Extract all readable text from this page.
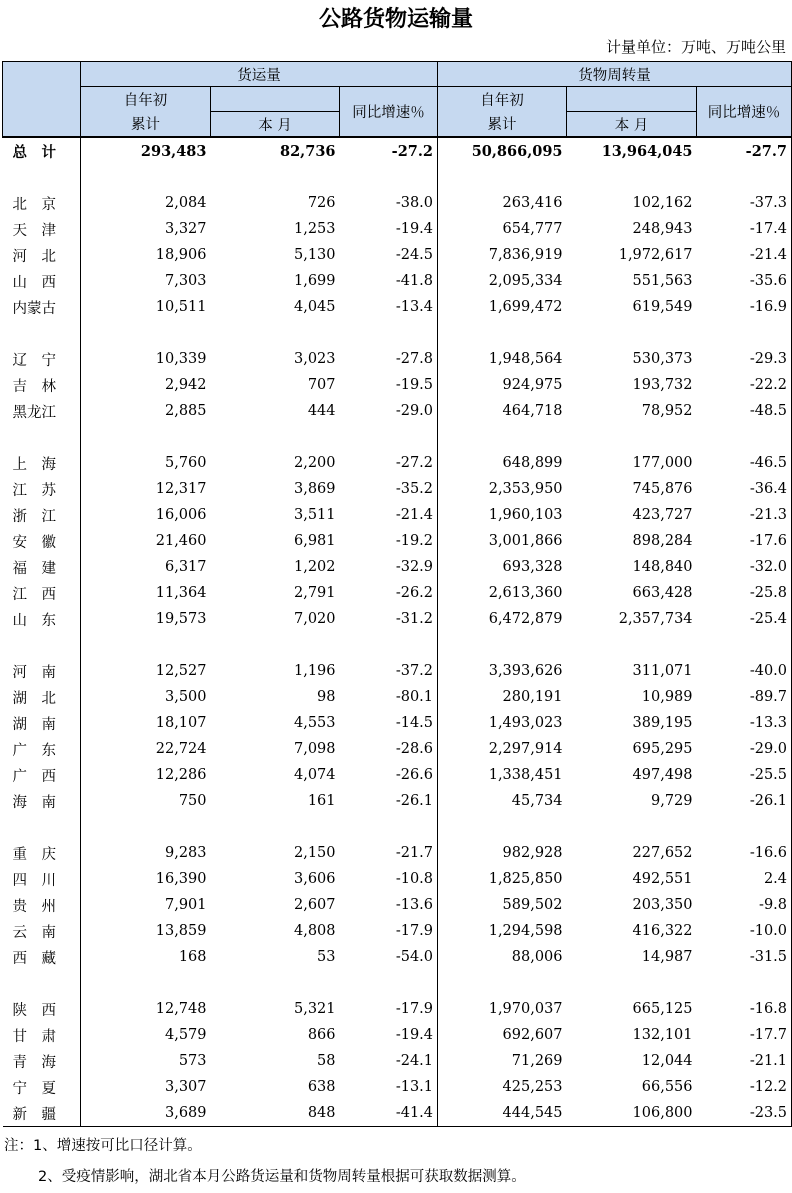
公路货物运输量
计量单位：万吨、万吨公里
	货运量			货物周转量		
	自年初		同比增速％	自年初		同比增速％
	累计	本 月		累计	本 月	
总　计	293,483	82,736	-27.2	50,866,095	13,964,045	-27.7

北　京	2,084	726	-38.0	263,416	102,162	-37.3
天　津	3,327	1,253	-19.4	654,777	248,943	-17.4
河　北	18,906	5,130	-24.5	7,836,919	1,972,617	-21.4
山　西	7,303	1,699	-41.8	2,095,334	551,563	-35.6
内蒙古	10,511	4,045	-13.4	1,699,472	619,549	-16.9

辽　宁	10,339	3,023	-27.8	1,948,564	530,373	-29.3
吉　林	2,942	707	-19.5	924,975	193,732	-22.2
黑龙江	2,885	444	-29.0	464,718	78,952	-48.5

上　海	5,760	2,200	-27.2	648,899	177,000	-46.5
江　苏	12,317	3,869	-35.2	2,353,950	745,876	-36.4
浙　江	16,006	3,511	-21.4	1,960,103	423,727	-21.3
安　徽	21,460	6,981	-19.2	3,001,866	898,284	-17.6
福　建	6,317	1,202	-32.9	693,328	148,840	-32.0
江　西	11,364	2,791	-26.2	2,613,360	663,428	-25.8
山　东	19,573	7,020	-31.2	6,472,879	2,357,734	-25.4

河　南	12,527	1,196	-37.2	3,393,626	311,071	-40.0
湖　北	3,500	98	-80.1	280,191	10,989	-89.7
湖　南	18,107	4,553	-14.5	1,493,023	389,195	-13.3
广　东	22,724	7,098	-28.6	2,297,914	695,295	-29.0
广　西	12,286	4,074	-26.6	1,338,451	497,498	-25.5
海　南	750	161	-26.1	45,734	9,729	-26.1

重　庆	9,283	2,150	-21.7	982,928	227,652	-16.6
四　川	16,390	3,606	-10.8	1,825,850	492,551	2.4
贵　州	7,901	2,607	-13.6	589,502	203,350	-9.8
云　南	13,859	4,808	-17.9	1,294,598	416,322	-10.0
西　藏	168	53	-54.0	88,006	14,987	-31.5

陕　西	12,748	5,321	-17.9	1,970,037	665,125	-16.8
甘　肃	4,579	866	-19.4	692,607	132,101	-17.7
青　海	573	58	-24.1	71,269	12,044	-21.1
宁　夏	3,307	638	-13.1	425,253	66,556	-12.2
新　疆	3,689	848	-41.4	444,545	106,800	-23.5
注：1、增速按可比口径计算。
2、受疫情影响，湖北省本月公路货运量和货物周转量根据可获取数据测算。
